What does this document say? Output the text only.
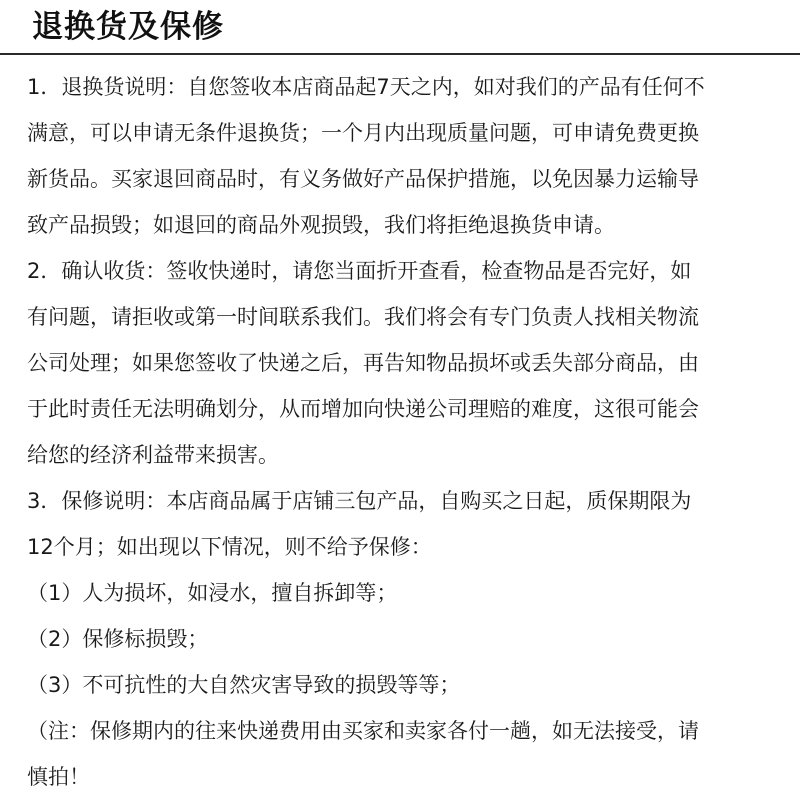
退换货及保修
1．退换货说明：自您签收本店商品起7天之内，如对我们的产品有任何不
满意，可以申请无条件退换货；一个月内出现质量问题，可申请免费更换
新货品。买家退回商品时，有义务做好产品保护措施，以免因暴力运输导
致产品损毁；如退回的商品外观损毁，我们将拒绝退换货申请。
2．确认收货：签收快递时，请您当面折开查看，检查物品是否完好，如
有问题，请拒收或第一时间联系我们。我们将会有专门负责人找相关物流
公司处理；如果您签收了快递之后，再告知物品损坏或丢失部分商品，由
于此时责任无法明确划分，从而增加向快递公司理赔的难度，这很可能会
给您的经济利益带来损害。
3．保修说明：本店商品属于店铺三包产品，自购买之日起，质保期限为
12个月；如出现以下情况，则不给予保修：
（1）人为损坏，如浸水，擅自拆卸等；
（2）保修标损毁；
（3）不可抗性的大自然灾害导致的损毁等等；
（注：保修期内的往来快递费用由买家和卖家各付一趟，如无法接受，请
慎拍！
